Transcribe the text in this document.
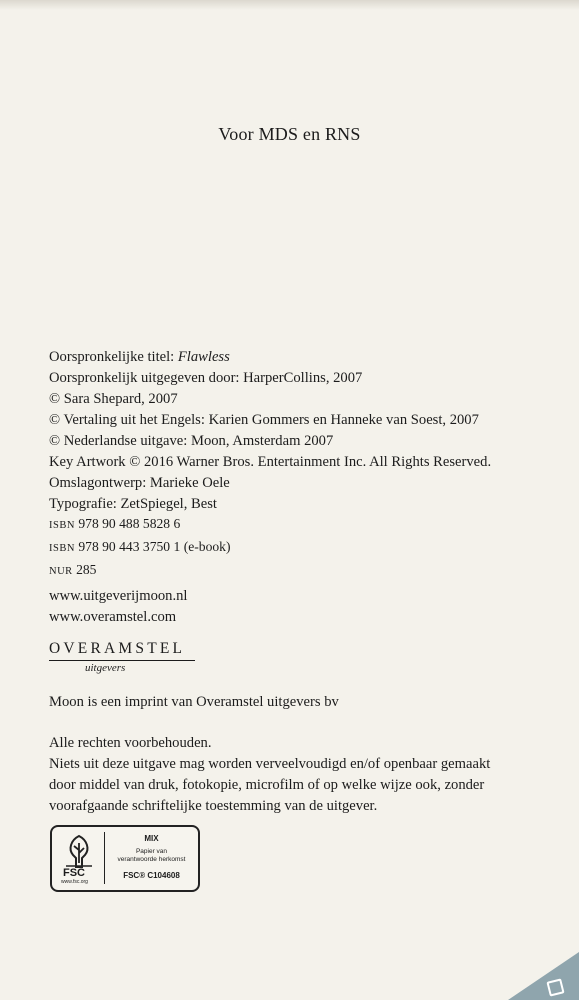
Voor MDS en RNS
Oorspronkelijke titel: Flawless
Oorspronkelijk uitgegeven door: HarperCollins, 2007
© Sara Shepard, 2007
© Vertaling uit het Engels: Karien Gommers en Hanneke van Soest, 2007
© Nederlandse uitgave: Moon, Amsterdam 2007
Key Artwork © 2016 Warner Bros. Entertainment Inc. All Rights Reserved.
Omslagontwerp: Marieke Oele
Typografie: ZetSpiegel, Best
ISBN 978 90 488 5828 6
ISBN 978 90 443 3750 1 (e-book)
NUR 285
www.uitgeverijmoon.nl
www.overamstel.com
OVERAMSTEL
uitgevers
Moon is een imprint van Overamstel uitgevers bv
Alle rechten voorbehouden.
Niets uit deze uitgave mag worden verveelvoudigd en/of openbaar gemaakt
door middel van druk, fotokopie, microfilm of op welke wijze ook, zonder
voorafgaande schriftelijke toestemming van de uitgever.
FSC
www.fsc.org
MIX
Papier van
verantwoorde herkomst
FSC® C104608
